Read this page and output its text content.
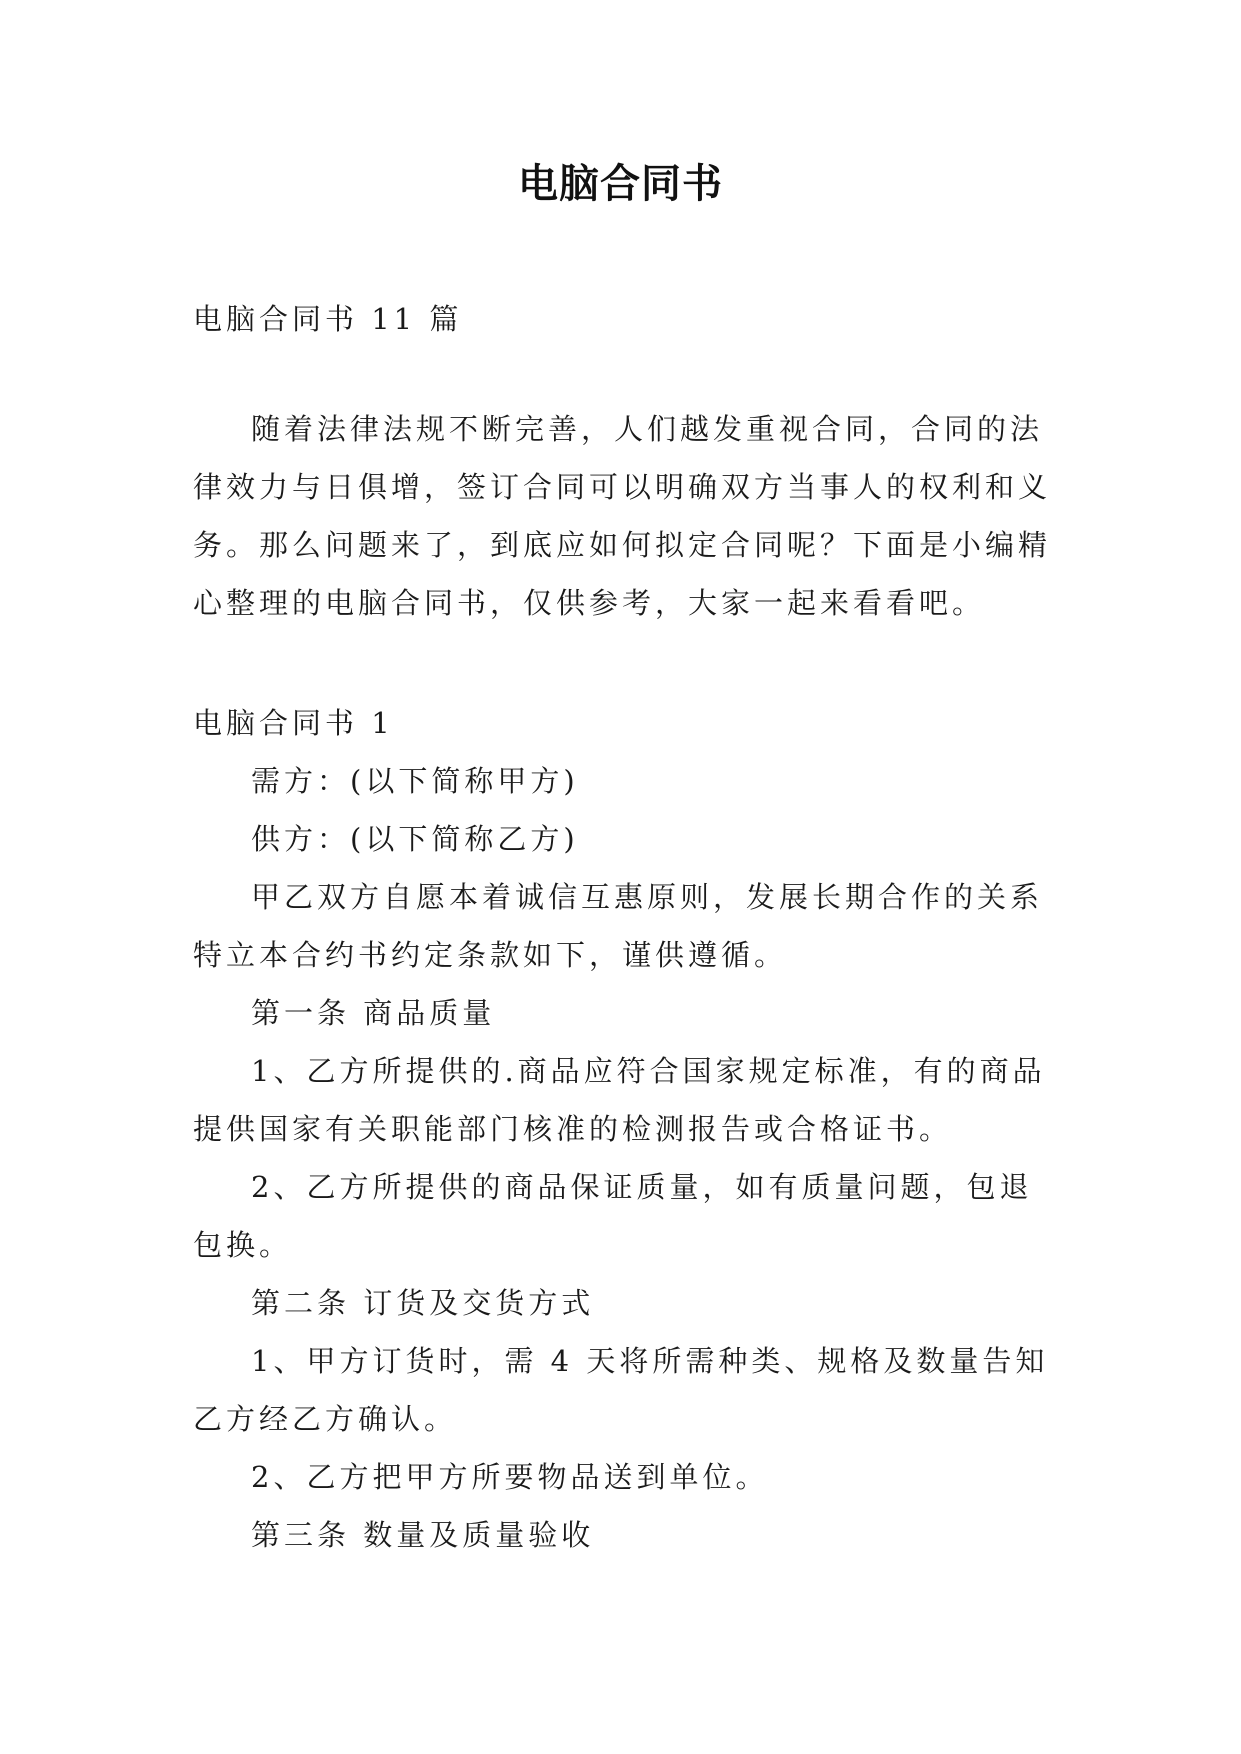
电脑合同书

电脑合同书 11 篇

随着法律法规不断完善，人们越发重视合同，合同的法律效力与日俱增，签订合同可以明确双方当事人的权利和义务。那么问题来了，到底应如何拟定合同呢？下面是小编精心整理的电脑合同书，仅供参考，大家一起来看看吧。

电脑合同书 1

需方：(以下简称甲方)

供方：(以下简称乙方)

甲乙双方自愿本着诚信互惠原则，发展长期合作的关系特立本合约书约定条款如下，谨供遵循。

第一条 商品质量

1、乙方所提供的.商品应符合国家规定标准，有的商品提供国家有关职能部门核准的检测报告或合格证书。

2、乙方所提供的商品保证质量，如有质量问题，包退包换。

第二条 订货及交货方式

1、甲方订货时，需 4 天将所需种类、规格及数量告知乙方经乙方确认。

2、乙方把甲方所要物品送到单位。

第三条 数量及质量验收
